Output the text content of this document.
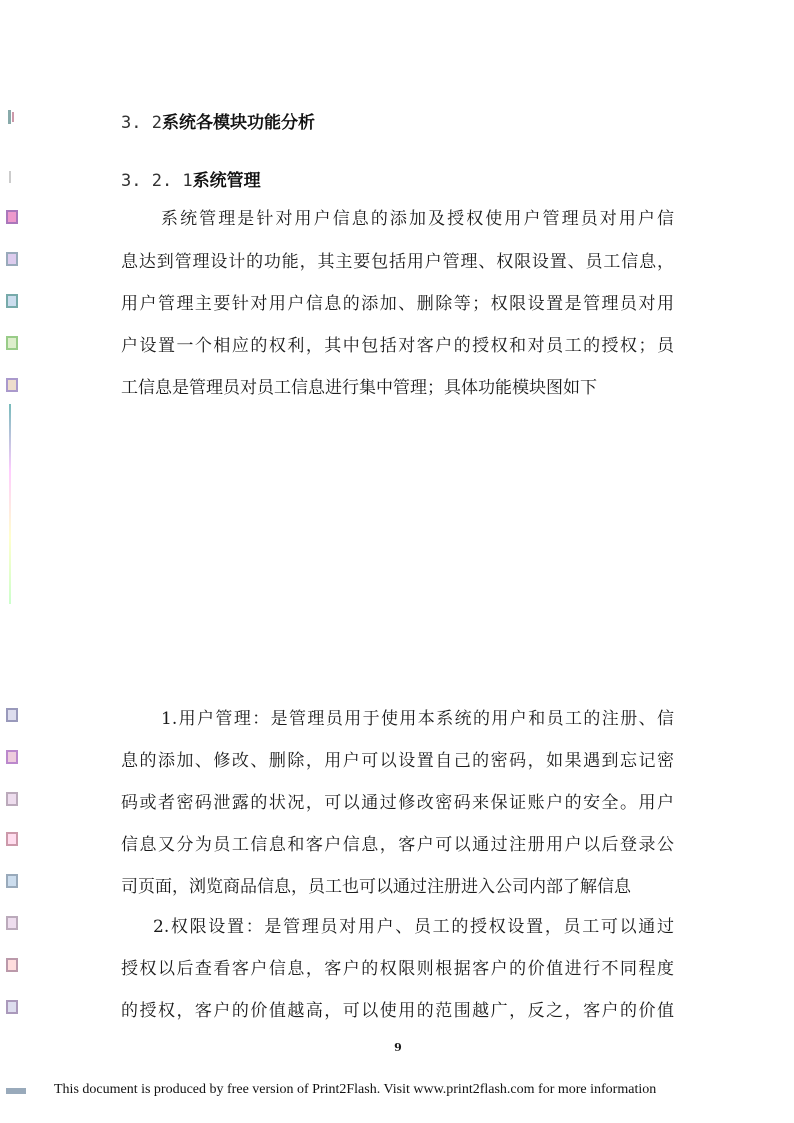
3. 2系统各模块功能分析
3. 2. 1系统管理
系统管理是针对用户信息的添加及授权使用户管理员对用户信
息达到管理设计的功能，其主要包括用户管理、权限设置、员工信息，
用户管理主要针对用户信息的添加、删除等；权限设置是管理员对用
户设置一个相应的权利，其中包括对客户的授权和对员工的授权；员
工信息是管理员对员工信息进行集中管理；具体功能模块图如下
1.用户管理：是管理员用于使用本系统的用户和员工的注册、信
息的添加、修改、删除，用户可以设置自己的密码，如果遇到忘记密
码或者密码泄露的状况，可以通过修改密码来保证账户的安全。用户
信息又分为员工信息和客户信息，客户可以通过注册用户以后登录公
司页面，浏览商品信息，员工也可以通过注册进入公司内部了解信息
2.权限设置：是管理员对用户、员工的授权设置，员工可以通过
授权以后查看客户信息，客户的权限则根据客户的价值进行不同程度
的授权，客户的价值越高，可以使用的范围越广，反之，客户的价值
9
This document is produced by free version of Print2Flash. Visit www.print2flash.com for more information
